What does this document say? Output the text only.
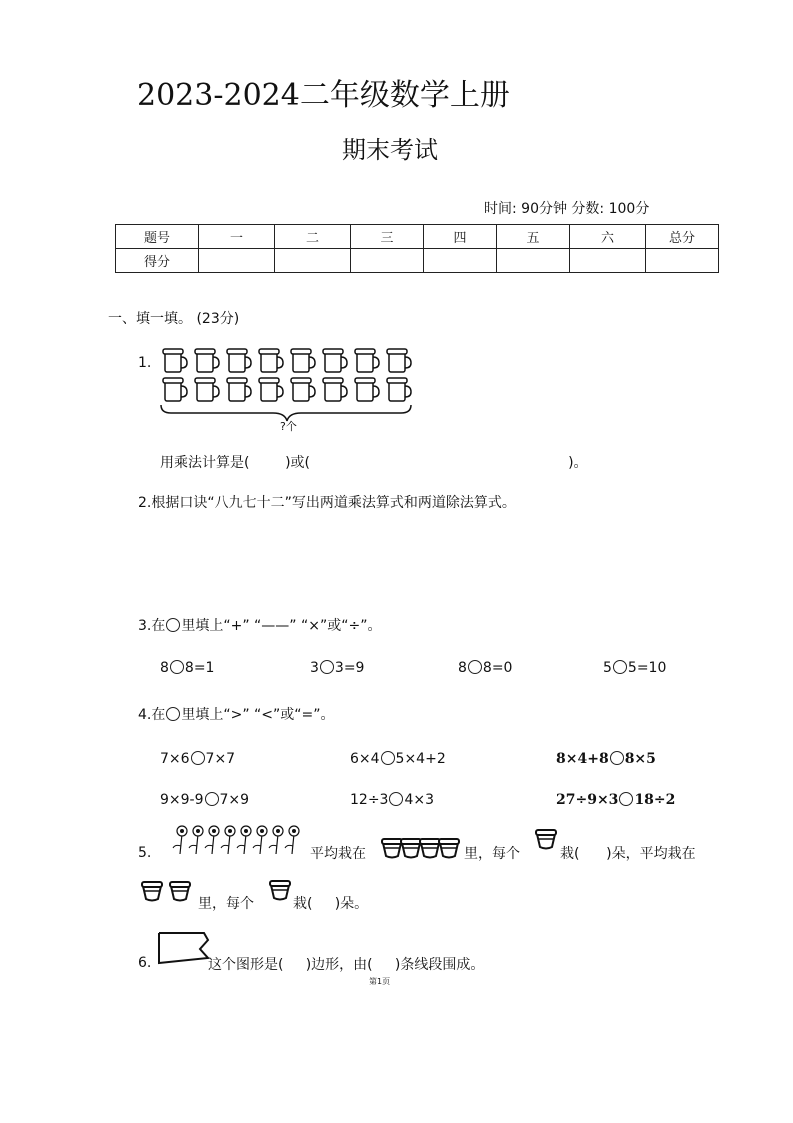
2023-2024二年级数学上册
期末考试
时间: 90分钟 分数: 100分
题号	一	二	三	四	五	六	总分
得分							
一、填一填。 (23分)
1.
?个
用乘法计算是(        )或(                                                          )。
2.根据口诀“八九七十二”写出两道乘法算式和两道除法算式。
3.在 里填上“+” “——” “×”或“÷”。
8 8=1	3 3=9	8 8=0	5 5=10
4.在 里填上“>” “<”或“=”。
7×6 7×7	6×4 5×4+2	8×4+8 8×5
9×9-9 7×9	12÷3 4×3	27÷9×3 18÷2
5.	平均栽在	里，每个	栽(      )朵，平均栽在
里，每个	栽(     )朵。
6.	这个图形是(     )边形，由(     )条线段围成。
第1页
